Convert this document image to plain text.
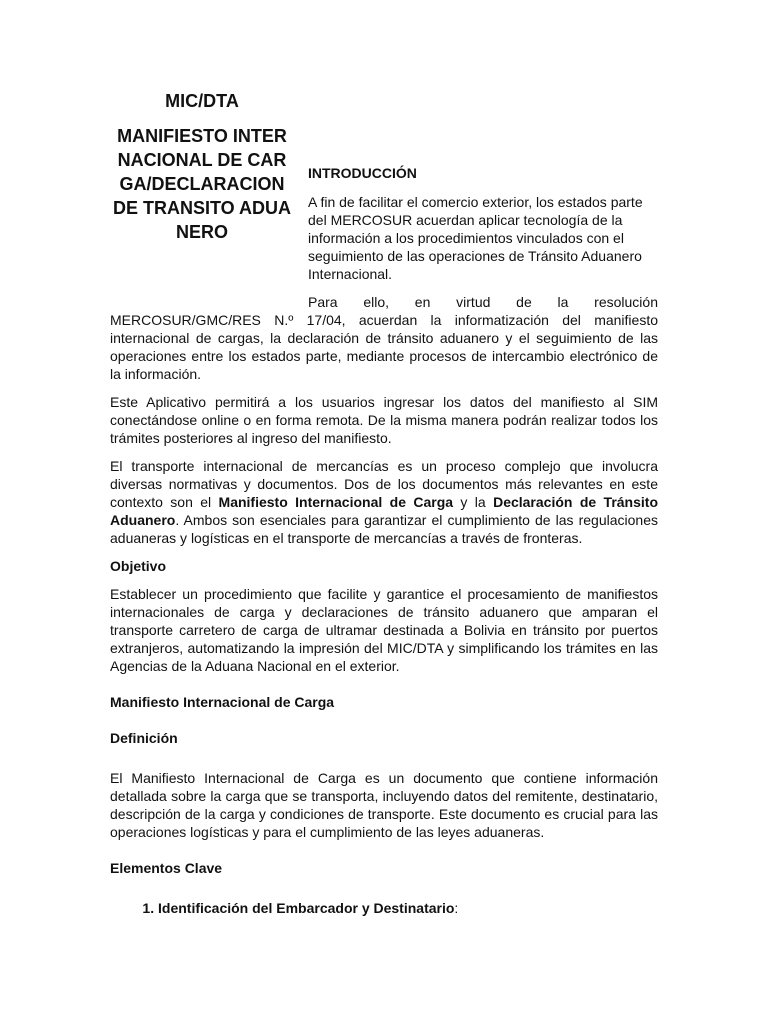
MIC/DTA
MANIFIESTO INTERNACIONAL DE CARGA/DECLARACION DE TRANSITO ADUANERO
INTRODUCCIÓN
A fin de facilitar el comercio exterior, los estados parte del MERCOSUR acuerdan aplicar tecnología de la información a los procedimientos vinculados con el seguimiento de las operaciones de Tránsito Aduanero Internacional.

Para ello, en virtud de la resolución MERCOSUR/GMC/RES N.º 17/04, acuerdan la informatización del manifiesto internacional de cargas, la declaración de tránsito aduanero y el seguimiento de las operaciones entre los estados parte, mediante procesos de intercambio electrónico de la información.

Este Aplicativo permitirá a los usuarios ingresar los datos del manifiesto al SIM conectándose online o en forma remota. De la misma manera podrán realizar todos los trámites posteriores al ingreso del manifiesto.

El transporte internacional de mercancías es un proceso complejo que involucra diversas normativas y documentos. Dos de los documentos más relevantes en este contexto son el Manifiesto Internacional de Carga y la Declaración de Tránsito Aduanero. Ambos son esenciales para garantizar el cumplimiento de las regulaciones aduaneras y logísticas en el transporte de mercancías a través de fronteras.

Objetivo

Establecer un procedimiento que facilite y garantice el procesamiento de manifiestos internacionales de carga y declaraciones de tránsito aduanero que amparan el transporte carretero de carga de ultramar destinada a Bolivia en tránsito por puertos extranjeros, automatizando la impresión del MIC/DTA y simplificando los trámites en las Agencias de la Aduana Nacional en el exterior.

Manifiesto Internacional de Carga
Definición

El Manifiesto Internacional de Carga es un documento que contiene información detallada sobre la carga que se transporta, incluyendo datos del remitente, destinatario, descripción de la carga y condiciones de transporte. Este documento es crucial para las operaciones logísticas y para el cumplimiento de las leyes aduaneras.

Elementos Clave
1. Identificación del Embarcador y Destinatario:
